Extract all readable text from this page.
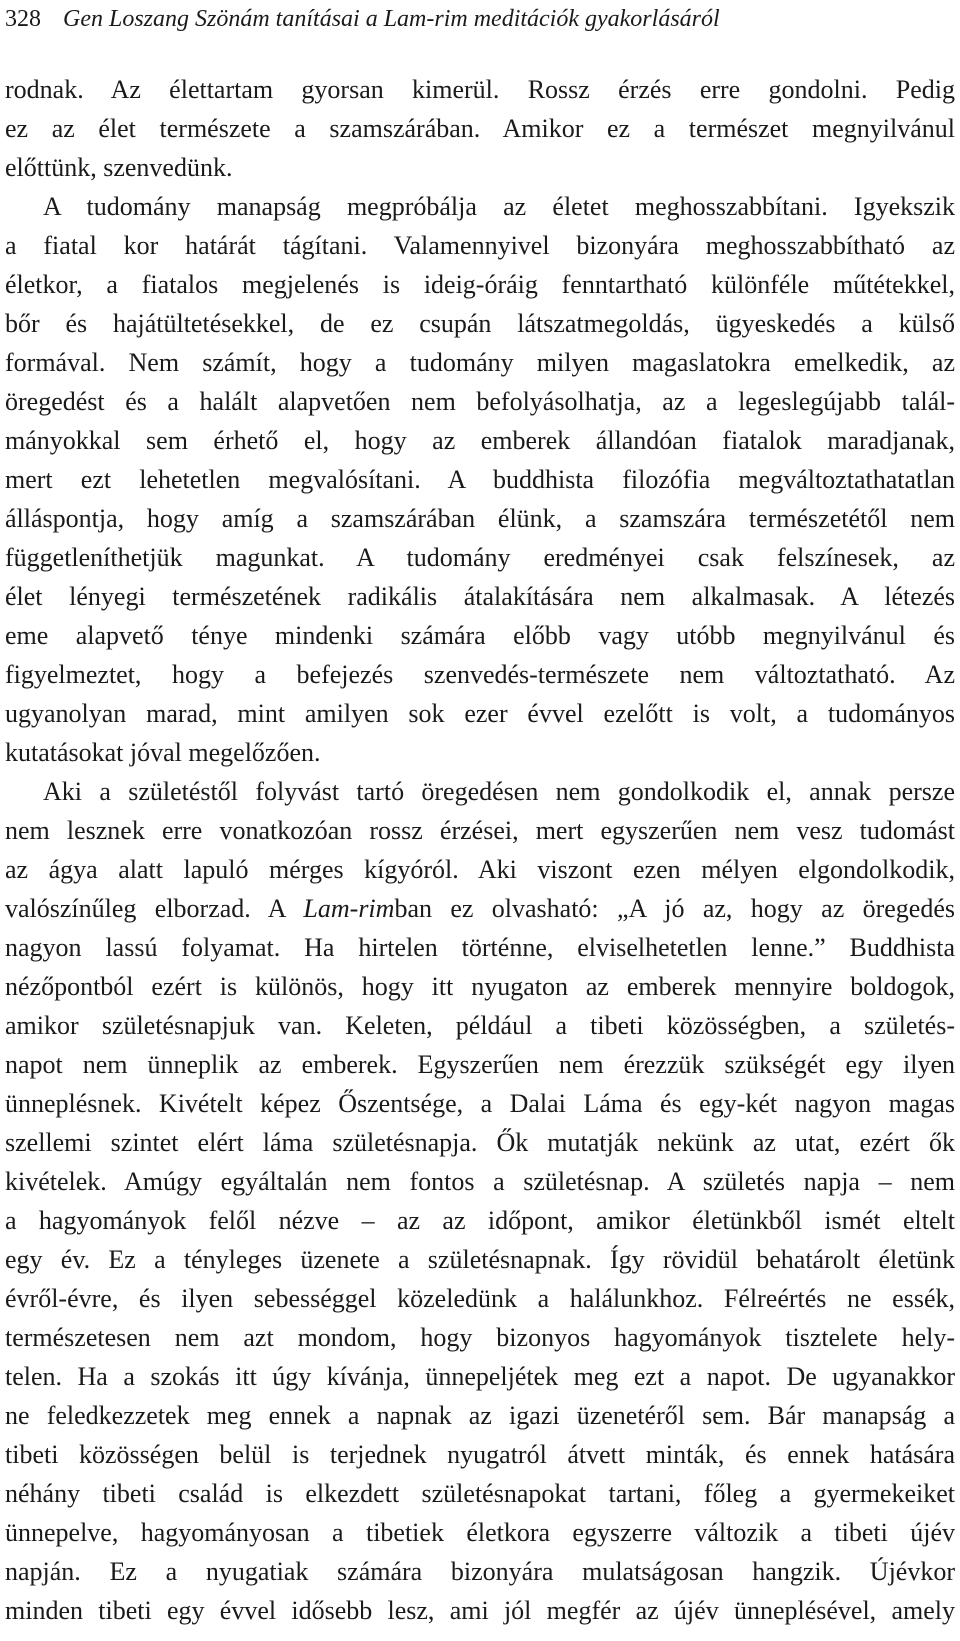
328 Gen Loszang Szönám tanításai a Lam-rim meditációk gyakorlásáról
rodnak. Az élettartam gyorsan kimerül. Rossz érzés erre gondolni. Pedig
ez az élet természete a szamszárában. Amikor ez a természet megnyilvánul
előttünk, szenvedünk.
A tudomány manapság megpróbálja az életet meghosszabbítani. Igyekszik
a fiatal kor határát tágítani. Valamennyivel bizonyára meghosszabbítható az
életkor, a fiatalos megjelenés is ideig-óráig fenntartható különféle műtétekkel,
bőr és hajátültetésekkel, de ez csupán látszatmegoldás, ügyeskedés a külső
formával. Nem számít, hogy a tudomány milyen magaslatokra emelkedik, az
öregedést és a halált alapvetően nem befolyásolhatja, az a legeslegújabb talál-
mányokkal sem érhető el, hogy az emberek állandóan fiatalok maradjanak,
mert ezt lehetetlen megvalósítani. A buddhista filozófia megváltoztathatatlan
álláspontja, hogy amíg a szamszárában élünk, a szamszára természetétől nem
függetleníthetjük magunkat. A tudomány eredményei csak felszínesek, az
élet lényegi természetének radikális átalakítására nem alkalmasak. A létezés
eme alapvető ténye mindenki számára előbb vagy utóbb megnyilvánul és
figyelmeztet, hogy a befejezés szenvedés-természete nem változtatható. Az
ugyanolyan marad, mint amilyen sok ezer évvel ezelőtt is volt, a tudományos
kutatásokat jóval megelőzően.
Aki a születéstől folyvást tartó öregedésen nem gondolkodik el, annak persze
nem lesznek erre vonatkozóan rossz érzései, mert egyszerűen nem vesz tudomást
az ágya alatt lapuló mérges kígyóról. Aki viszont ezen mélyen elgondolkodik,
valószínűleg elborzad. A Lam-rimban ez olvasható: „A jó az, hogy az öregedés
nagyon lassú folyamat. Ha hirtelen történne, elviselhetetlen lenne.” Buddhista
nézőpontból ezért is különös, hogy itt nyugaton az emberek mennyire boldogok,
amikor születésnapjuk van. Keleten, például a tibeti közösségben, a születés-
napot nem ünneplik az emberek. Egyszerűen nem érezzük szükségét egy ilyen
ünneplésnek. Kivételt képez Őszentsége, a Dalai Láma és egy-két nagyon magas
szellemi szintet elért láma születésnapja. Ők mutatják nekünk az utat, ezért ők
kivételek. Amúgy egyáltalán nem fontos a születésnap. A születés napja – nem
a hagyományok felől nézve – az az időpont, amikor életünkből ismét eltelt
egy év. Ez a tényleges üzenete a születésnapnak. Így rövidül behatárolt életünk
évről-évre, és ilyen sebességgel közeledünk a halálunkhoz. Félreértés ne essék,
természetesen nem azt mondom, hogy bizonyos hagyományok tisztelete hely-
telen. Ha a szokás itt úgy kívánja, ünnepeljétek meg ezt a napot. De ugyanakkor
ne feledkezzetek meg ennek a napnak az igazi üzenetéről sem. Bár manapság a
tibeti közösségen belül is terjednek nyugatról átvett minták, és ennek hatására
néhány tibeti család is elkezdett születésnapokat tartani, főleg a gyermekeiket
ünnepelve, hagyományosan a tibetiek életkora egyszerre változik a tibeti újév
napján. Ez a nyugatiak számára bizonyára mulatságosan hangzik. Újévkor
minden tibeti egy évvel idősebb lesz, ami jól megfér az újév ünneplésével, amely
